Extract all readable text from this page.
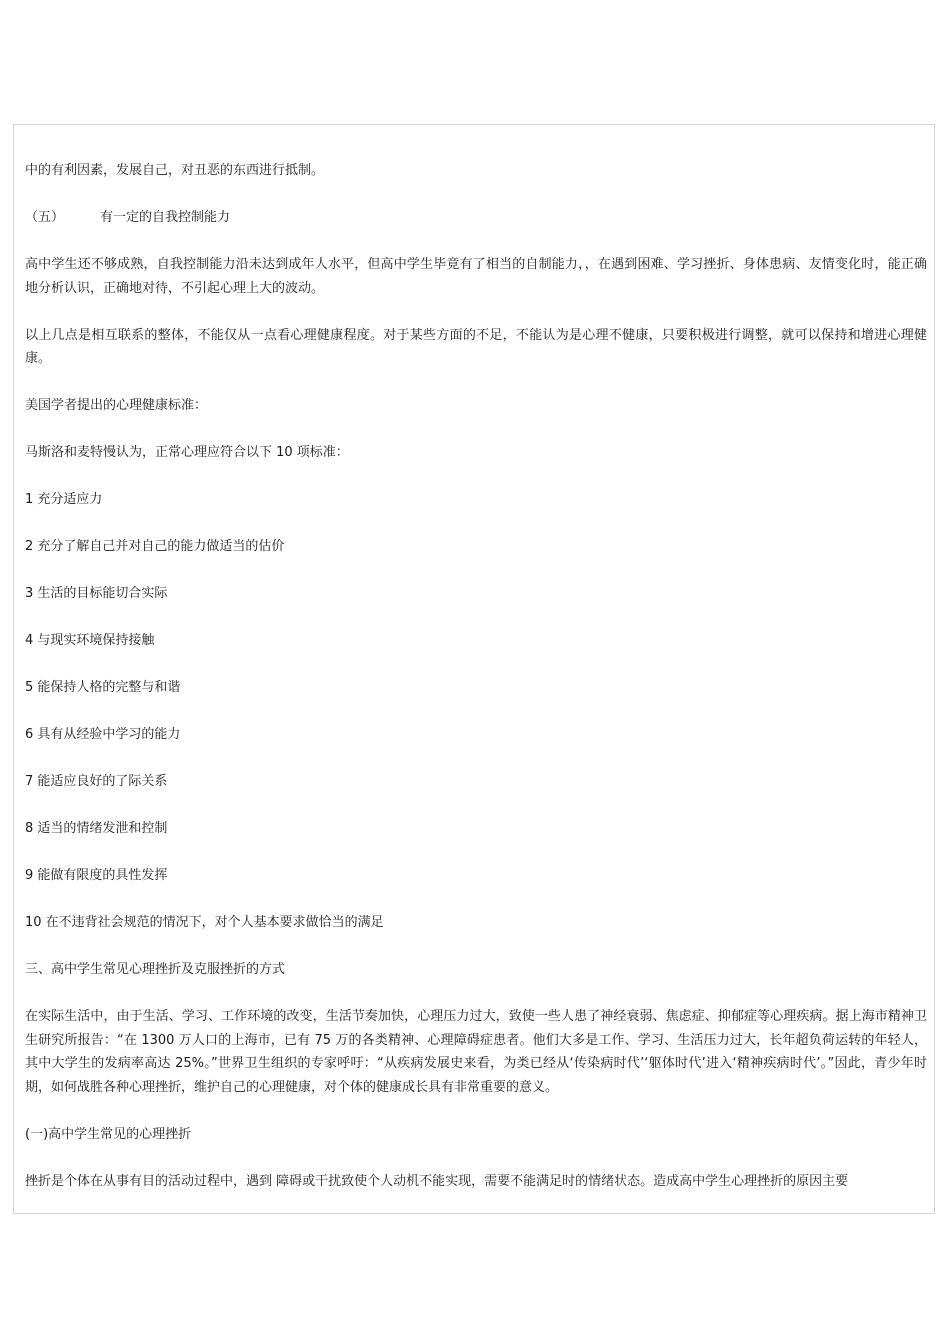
中的有利因素，发展自己，对丑恶的东西进行抵制。

（五）	有一定的自我控制能力

高中学生还不够成熟，自我控制能力沿未达到成年人水平，但高中学生毕竟有了相当的自制能力，，在遇到困难、学习挫折、身体患病、友情变化时，能正确地分析认识，正确地对待，不引起心理上大的波动。

以上几点是相互联系的整体，不能仅从一点看心理健康程度。对于某些方面的不足，不能认为是心理不健康，只要积极进行调整，就可以保持和增进心理健康。

美国学者提出的心理健康标准：

马斯洛和麦特慢认为，正常心理应符合以下 10 项标准：

1 充分适应力

2 充分了解自己并对自己的能力做适当的估价

3 生活的目标能切合实际

4 与现实环境保持接触

5 能保持人格的完整与和谐

6 具有从经验中学习的能力

7 能适应良好的了际关系

8 适当的情绪发泄和控制

9 能做有限度的具性发挥

10 在不违背社会规范的情况下，对个人基本要求做恰当的满足

三、高中学生常见心理挫折及克服挫折的方式

在实际生活中，由于生活、学习、工作环境的改变，生活节奏加快，心理压力过大，致使一些人患了神经衰弱、焦虑症、抑郁症等心理疾病。据上海市精神卫生研究所报告：“在 1300 万人口的上海市，已有 75 万的各类精神、心理障碍症患者。他们大多是工作、学习、生活压力过大，长年超负荷运转的年轻人，其中大学生的发病率高达 25%。”世界卫生组织的专家呼吁：“从疾病发展史来看，为类已经从‘传染病时代’‘躯体时代’进入‘精神疾病时代’。”因此，青少年时期，如何战胜各种心理挫折，维护自己的心理健康，对个体的健康成长具有非常重要的意义。

(一)高中学生常见的心理挫折

挫折是个体在从事有目的活动过程中，遇到 障碍或干扰致使个人动机不能实现，需要不能满足时的情绪状态。造成高中学生心理挫折的原因主要
